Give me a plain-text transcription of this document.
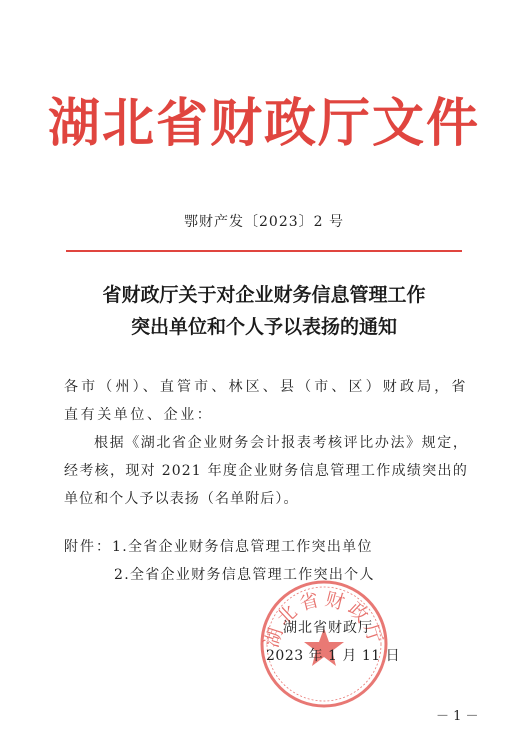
湖北省财政厅文件
鄂财产发〔2023〕2 号
省财政厅关于对企业财务信息管理工作
突出单位和个人予以表扬的通知

各市（州）、直管市、林区、县（市、区）财政局，省直有关单位、企业：

根据《湖北省企业财务会计报表考核评比办法》规定，经考核，现对 2021 年度企业财务信息管理工作成绩突出的单位和个人予以表扬（名单附后）。

附件：1.全省企业财务信息管理工作突出单位
2.全省企业财务信息管理工作突出个人
湖北省财政厅
湖北省财政厅
2023 年 1 月 11 日
－ 1 －
